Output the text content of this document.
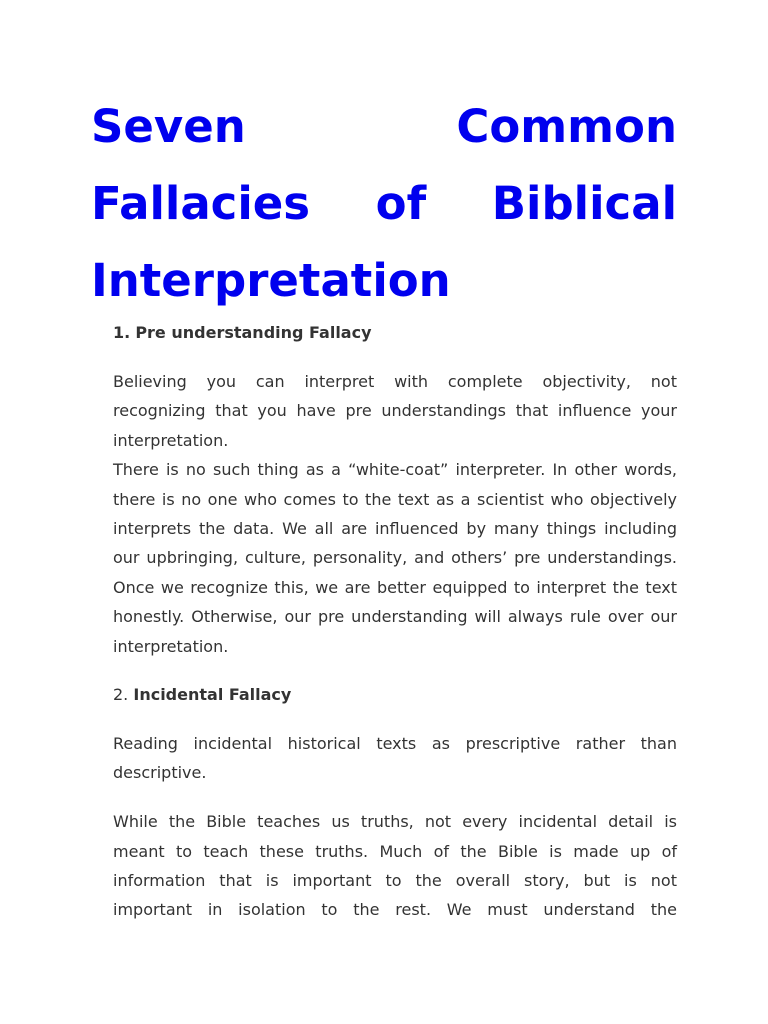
Seven Common
Fallacies of Biblical
Interpretation

1. Pre understanding Fallacy

Believing you can interpret with complete objectivity, not
recognizing that you have pre understandings that influence your
interpretation.

There is no such thing as a “white-coat” interpreter. In other words,
there is no one who comes to the text as a scientist who objectively
interprets the data. We all are influenced by many things including
our upbringing, culture, personality, and others’ pre understandings.
Once we recognize this, we are better equipped to interpret the text
honestly. Otherwise, our pre understanding will always rule over our
interpretation.

2. Incidental Fallacy

Reading incidental historical texts as prescriptive rather than
descriptive.

While the Bible teaches us truths, not every incidental detail is
meant to teach these truths. Much of the Bible is made up of
information that is important to the overall story, but is not
important in isolation to the rest. We must understand the
